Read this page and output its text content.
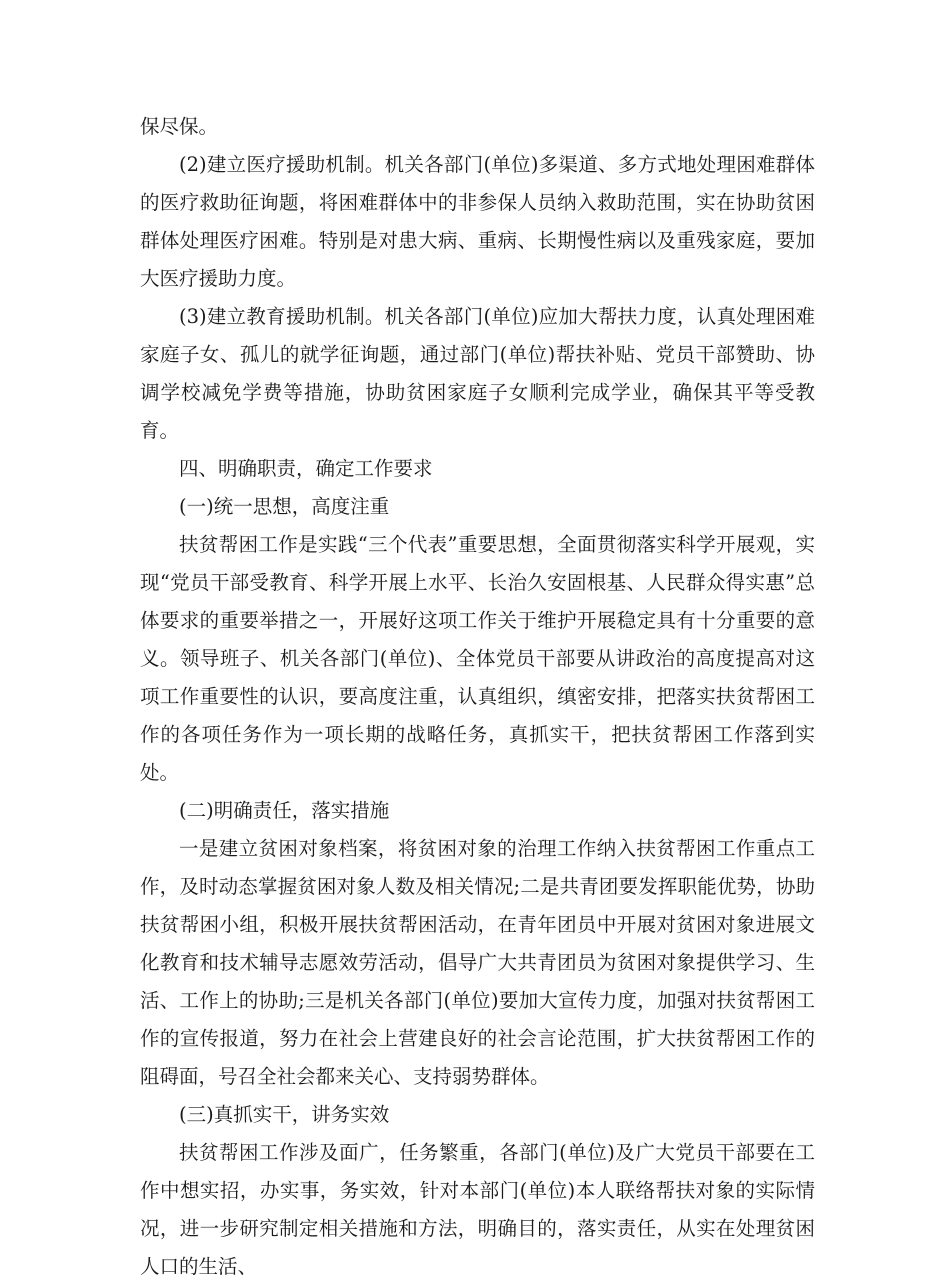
保尽保。

(2)建立医疗援助机制。机关各部门(单位)多渠道、多方式地处理困难群体的医疗救助征询题，将困难群体中的非参保人员纳入救助范围，实在协助贫困群体处理医疗困难。特别是对患大病、重病、长期慢性病以及重残家庭，要加大医疗援助力度。

(3)建立教育援助机制。机关各部门(单位)应加大帮扶力度，认真处理困难家庭子女、孤儿的就学征询题，通过部门(单位)帮扶补贴、党员干部赞助、协调学校减免学费等措施，协助贫困家庭子女顺利完成学业，确保其平等受教育。

四、明确职责，确定工作要求

(一)统一思想，高度注重

扶贫帮困工作是实践“三个代表”重要思想，全面贯彻落实科学开展观，实现“党员干部受教育、科学开展上水平、长治久安固根基、人民群众得实惠”总体要求的重要举措之一，开展好这项工作关于维护开展稳定具有十分重要的意义。领导班子、机关各部门(单位)、全体党员干部要从讲政治的高度提高对这项工作重要性的认识，要高度注重，认真组织，缜密安排，把落实扶贫帮困工作的各项任务作为一项长期的战略任务，真抓实干，把扶贫帮困工作落到实处。

(二)明确责任，落实措施

一是建立贫困对象档案，将贫困对象的治理工作纳入扶贫帮困工作重点工作，及时动态掌握贫困对象人数及相关情况;二是共青团要发挥职能优势，协助扶贫帮困小组，积极开展扶贫帮困活动，在青年团员中开展对贫困对象进展文化教育和技术辅导志愿效劳活动，倡导广大共青团员为贫困对象提供学习、生活、工作上的协助;三是机关各部门(单位)要加大宣传力度，加强对扶贫帮困工作的宣传报道，努力在社会上营建良好的社会言论范围，扩大扶贫帮困工作的阻碍面，号召全社会都来关心、支持弱势群体。

(三)真抓实干，讲务实效

扶贫帮困工作涉及面广，任务繁重，各部门(单位)及广大党员干部要在工作中想实招，办实事，务实效，针对本部门(单位)本人联络帮扶对象的实际情况，进一步研究制定相关措施和方法，明确目的，落实责任，从实在处理贫困人口的生活、
